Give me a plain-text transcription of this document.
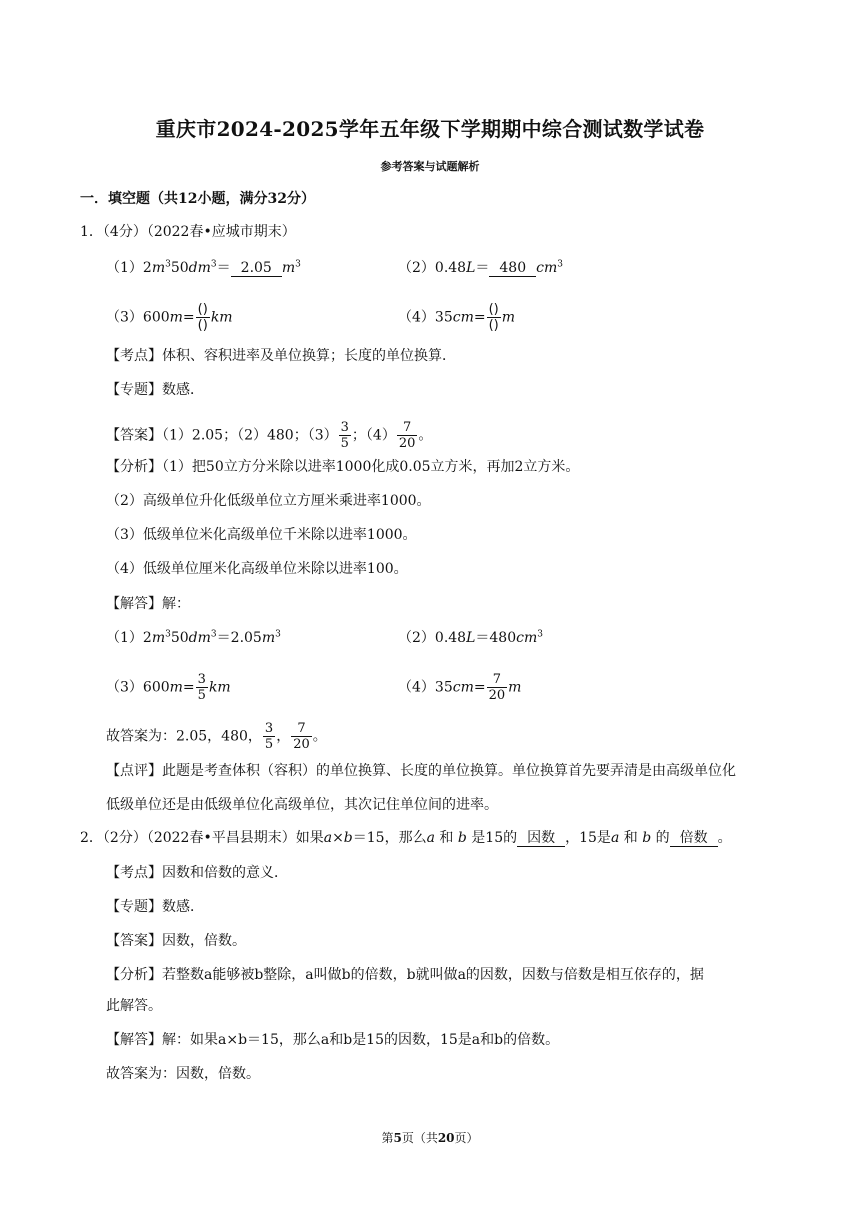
重庆市2024-2025学年五年级下学期期中综合测试数学试卷
参考答案与试题解析
一．填空题（共12小题，满分32分）
1．（4分）（2022春•应城市期末）
$(1)2m^350dm^3= 2.05$ $m^3$	（2）0.48L＝ 480 $cm^3$
$(3)600m= \frac{()}{()}$ km	$(4)35cm= \frac{()}{()}$ m
【考点】体积、容积进率及单位换算；长度的单位换算．
【专题】数感．
【答案】（1）2.05；（2）480；$(3) \frac{3}{5}$ ；$(4) \frac{7}{20}$ 。
【分析】（1）把50立方分米除以进率1000化成0.05立方米，再加2立方米。
（2）高级单位升化低级单位立方厘米乘进率1000。
（3）低级单位米化高级单位千米除以进率1000。
（4）低级单位厘米化高级单位米除以进率100。
【解答】解：
$(1)2m^350dm^3=2.05m^3$	$(2)0.48L=480cm^3$
$(3)600m= \frac{3}{5}$ km	$(4)35cm= \frac{7}{20}$ m
故答案为：2.05，480， $\frac{3}{5}$ ， $\frac{7}{20}$ 。
【点评】此题是考查体积（容积）的单位换算、长度的单位换算。单位换算首先要弄清是由高级单位化
低级单位还是由低级单位化高级单位，其次记住单位间的进率。
2．（2分）（2022春•平昌县期末）如果a×b＝15，那么a 和 b 是15的 因数 ，15是a 和 b 的 倍数 。
【考点】因数和倍数的意义．
【专题】数感．
【答案】因数，倍数。
【分析】若整数a能够被b整除，a叫做b的倍数，b就叫做a的因数，因数与倍数是相互依存的，据
此解答。
【解答】解：如果a×b＝15，那么a和b是15的因数，15是a和b的倍数。
故答案为：因数，倍数。
第5页（共20页）
